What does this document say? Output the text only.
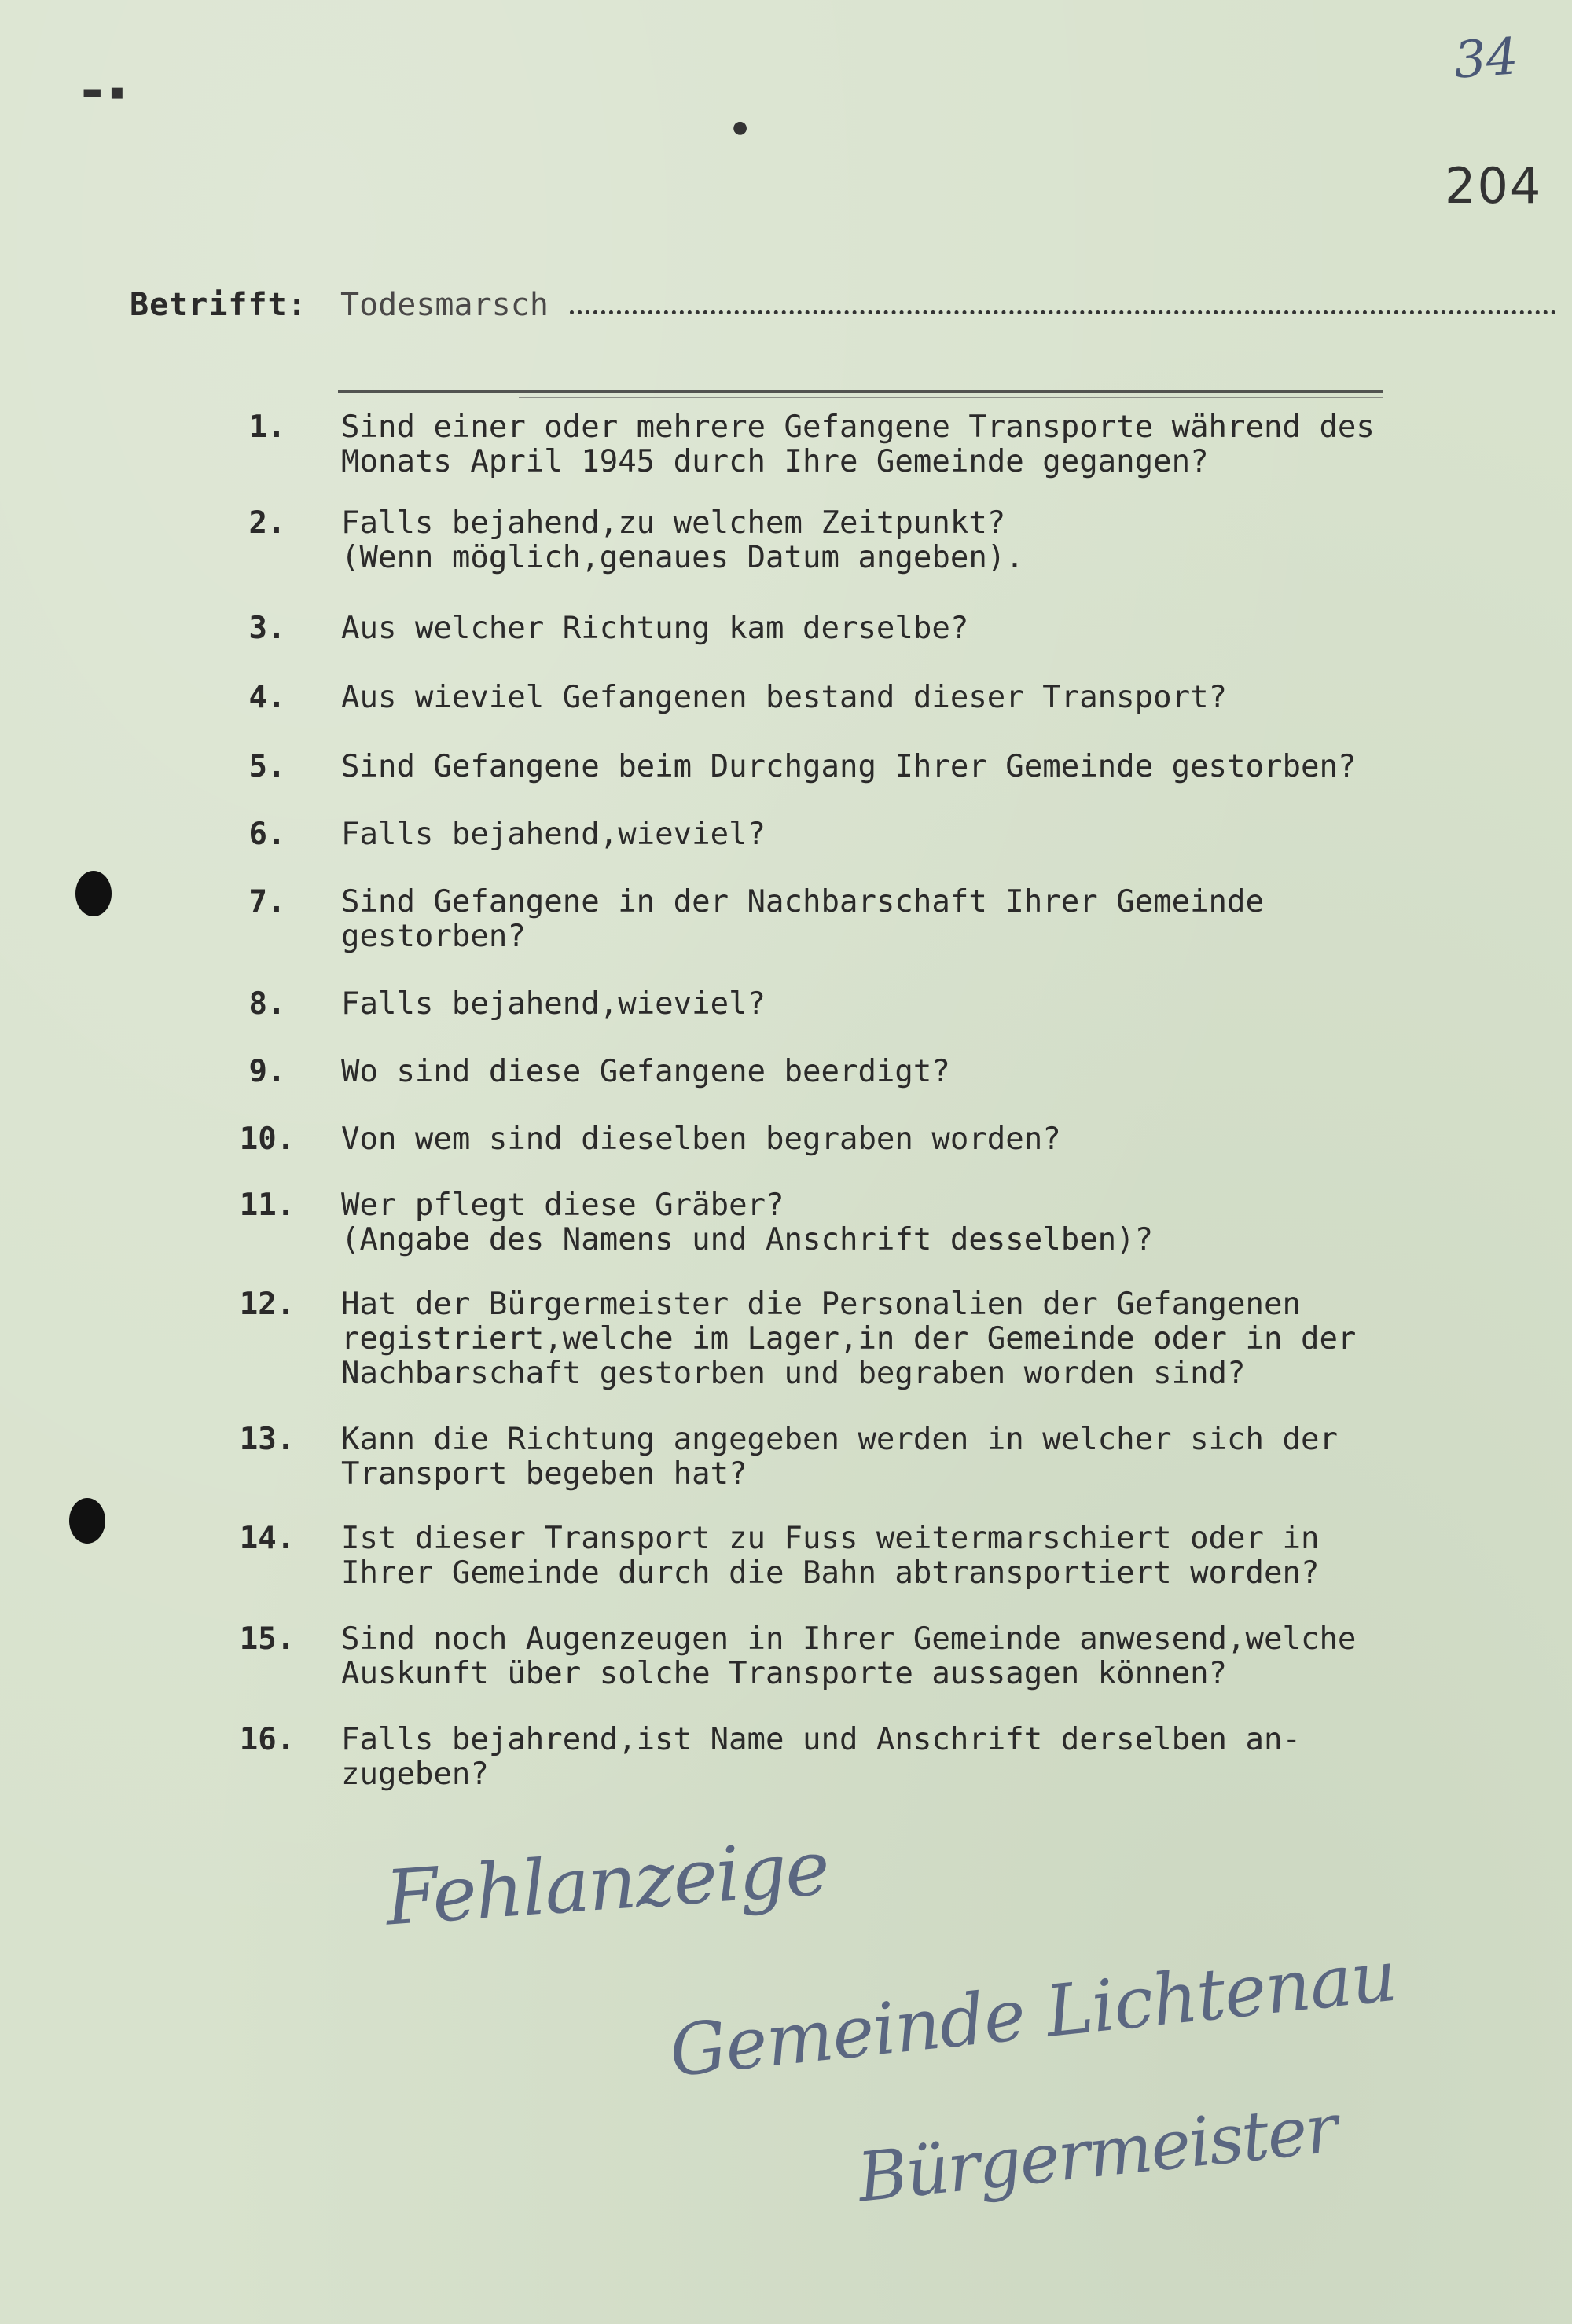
34
204
▬ ▪
●
Betrifft: Todesmarsch
1.	Sind einer oder mehrere Gefangene Transporte während des
Monats April 1945 durch Ihre Gemeinde gegangen?
2.	Falls bejahend,zu welchem Zeitpunkt?
(Wenn möglich,genaues Datum angeben).
3.	Aus welcher Richtung kam derselbe?
4.	Aus wieviel Gefangenen bestand dieser Transport?
5.	Sind Gefangene beim Durchgang Ihrer Gemeinde gestorben?
6.	Falls bejahend,wieviel?
7.	Sind Gefangene in der Nachbarschaft Ihrer Gemeinde
gestorben?
8.	Falls bejahend,wieviel?
9.	Wo sind diese Gefangene beerdigt?
10.	Von wem sind dieselben begraben worden?
11.	Wer pflegt diese Gräber?
(Angabe des Namens und Anschrift desselben)?
12.	Hat der Bürgermeister die Personalien der Gefangenen
registriert,welche im Lager,in der Gemeinde oder in der
Nachbarschaft gestorben und begraben worden sind?
13.	Kann die Richtung angegeben werden in welcher sich der
Transport begeben hat?
14.	Ist dieser Transport zu Fuss weitermarschiert oder in
Ihrer Gemeinde durch die Bahn abtransportiert worden?
15.	Sind noch Augenzeugen in Ihrer Gemeinde anwesend,welche
Auskunft über solche Transporte aussagen können?
16.	Falls bejahrend,ist Name und Anschrift derselben an-
zugeben?
Fehlanzeige
Gemeinde Lichtenau
Bürgermeister
